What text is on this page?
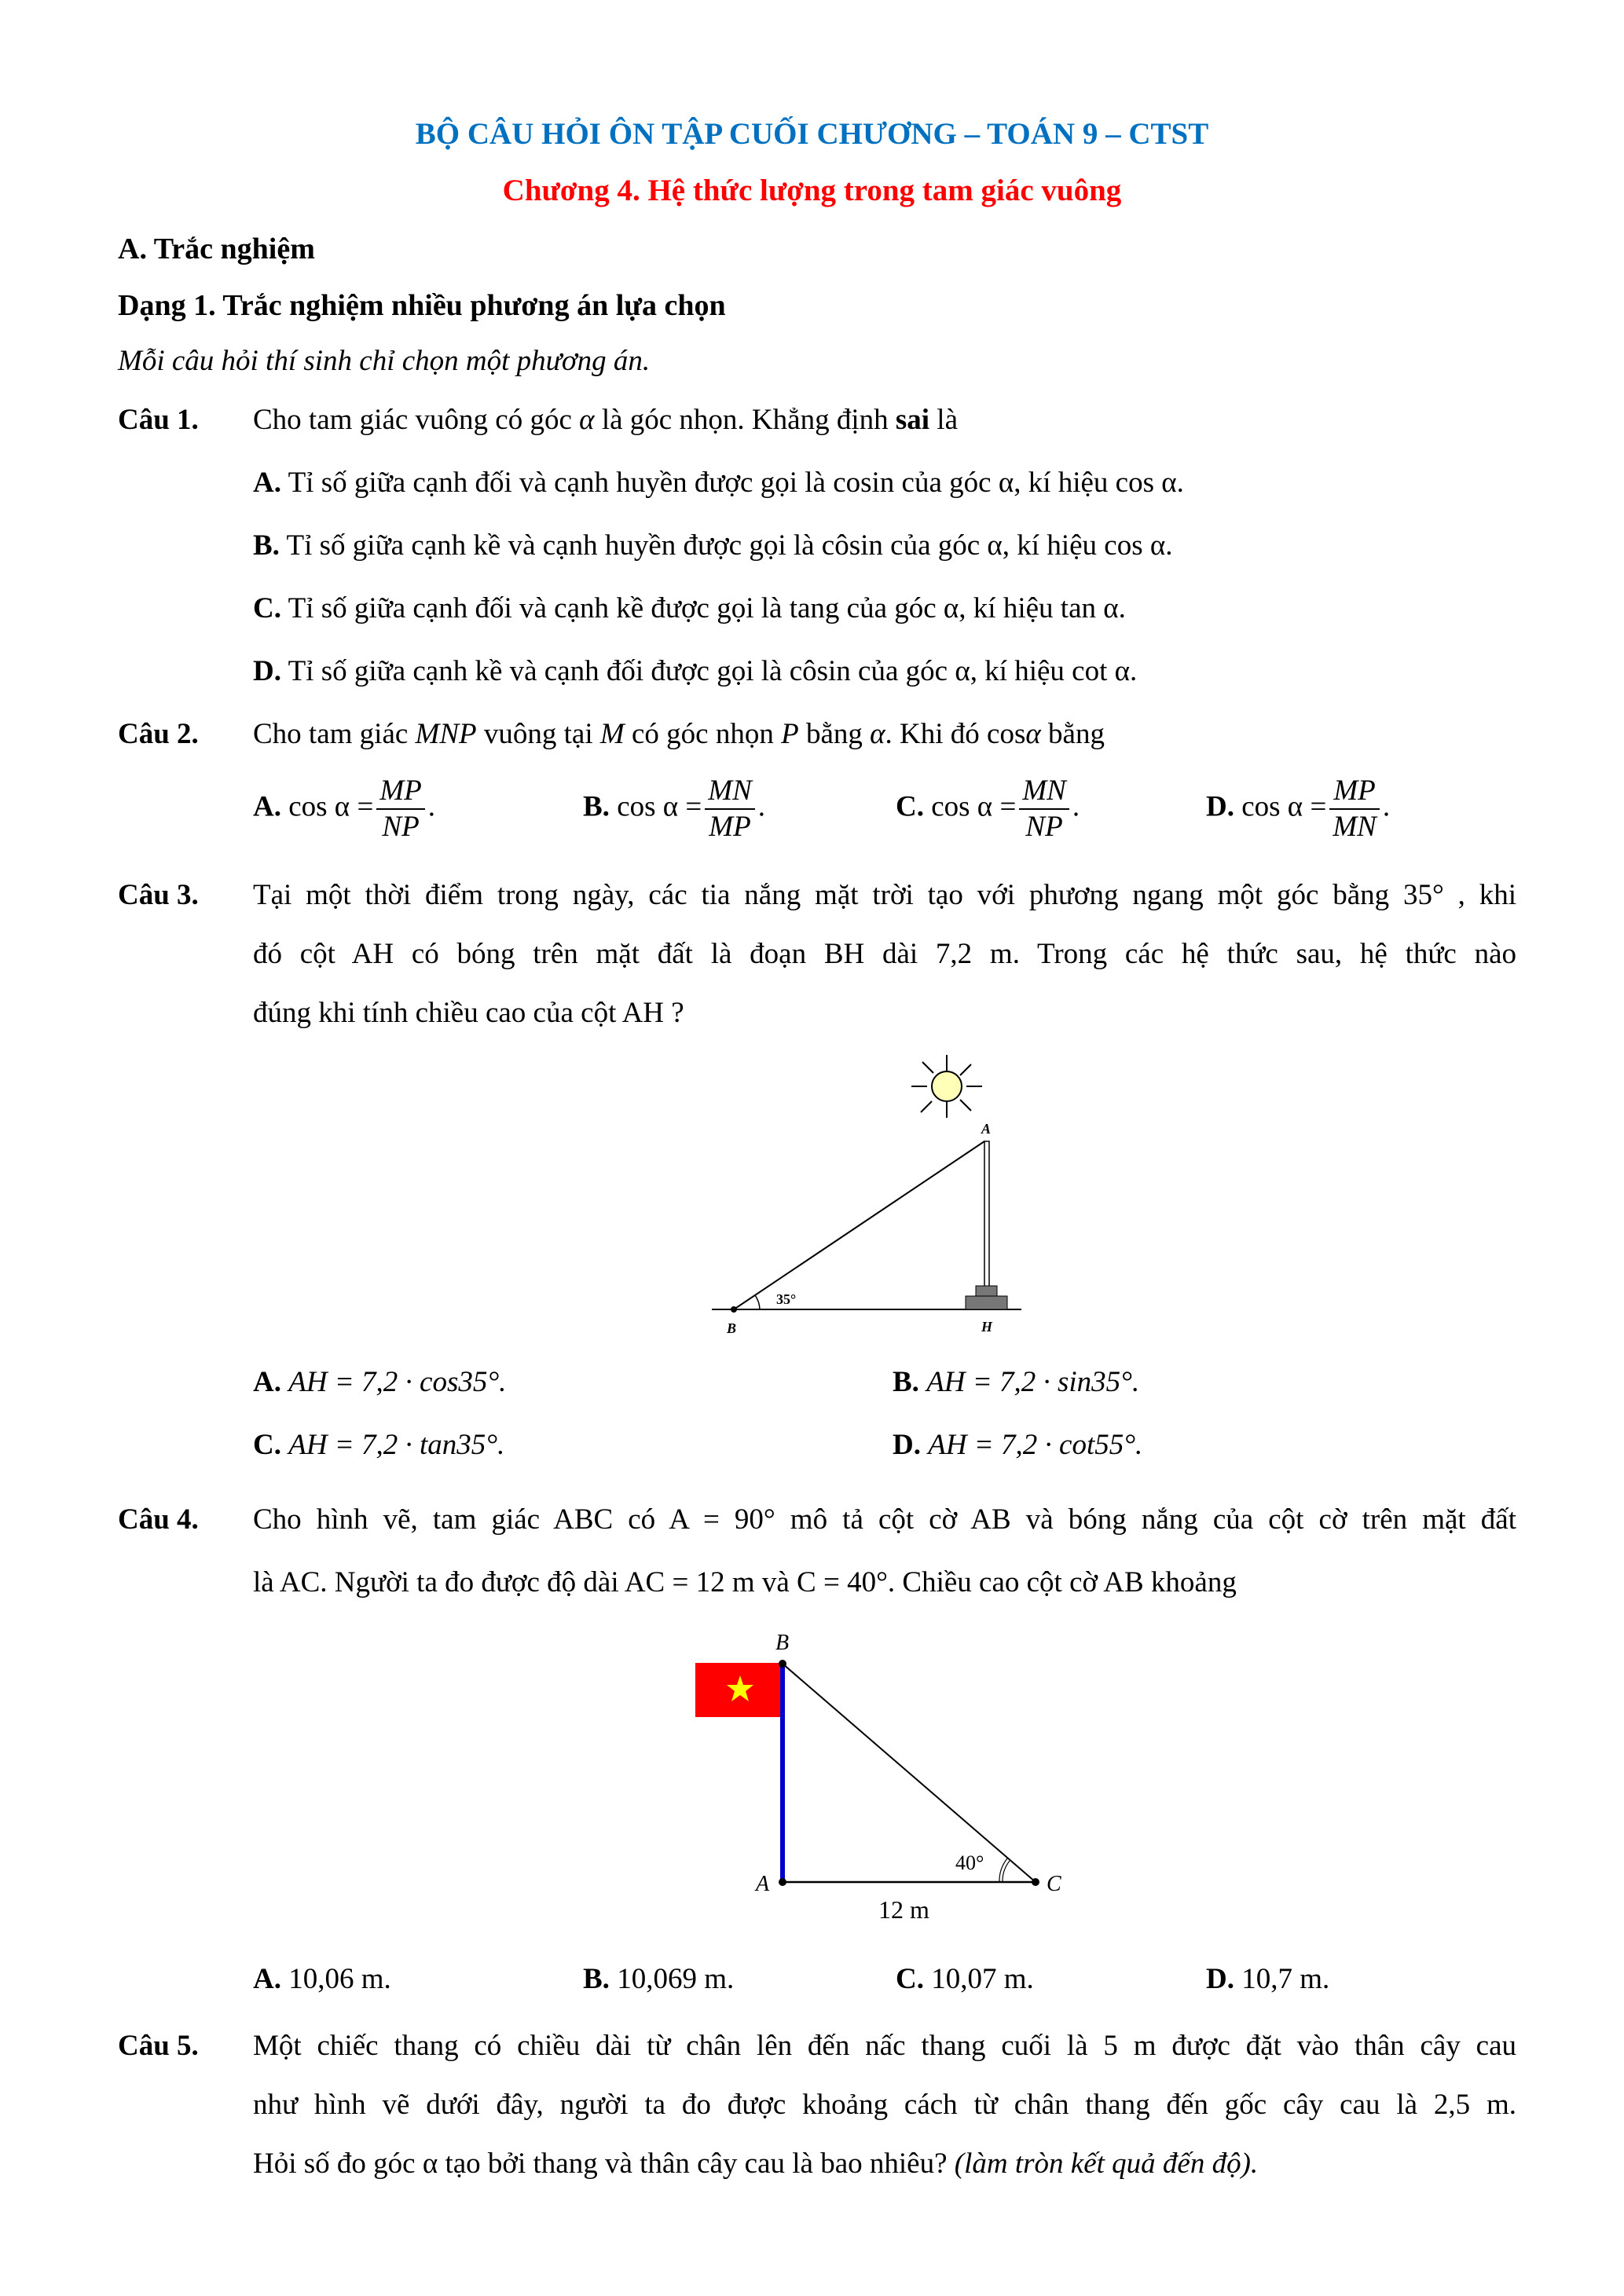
BỘ CÂU HỎI ÔN TẬP CUỐI CHƯƠNG – TOÁN 9 – CTST
Chương 4. Hệ thức lượng trong tam giác vuông
A. Trắc nghiệm
Dạng 1. Trắc nghiệm nhiều phương án lựa chọn
Mỗi câu hỏi thí sinh chỉ chọn một phương án.
Câu 1. Cho tam giác vuông có góc α là góc nhọn. Khẳng định sai là
A. Tỉ số giữa cạnh đối và cạnh huyền được gọi là cosin của góc α, kí hiệu cos α.
B. Tỉ số giữa cạnh kề và cạnh huyền được gọi là côsin của góc α, kí hiệu cos α.
C. Tỉ số giữa cạnh đối và cạnh kề được gọi là tang của góc α, kí hiệu tan α.
D. Tỉ số giữa cạnh kề và cạnh đối được gọi là côsin của góc α, kí hiệu cot α.
Câu 2. Cho tam giác MNP vuông tại M có góc nhọn P bằng α. Khi đó cosα bằng
A. $\cos \alpha = \frac{MP}{NP}$ .	B. $\cos \alpha = \frac{MN}{MP}$ .	C. $\cos \alpha = \frac{MN}{NP}$ .	D. $\cos \alpha = \frac{MP}{MN}$ .
Câu 3. Tại một thời điểm trong ngày, các tia nắng mặt trời tạo với phương ngang một góc bằng 35° , khi
đó cột AH có bóng trên mặt đất là đoạn BH dài 7,2 m. Trong các hệ thức sau, hệ thức nào
đúng khi tính chiều cao của cột AH ?
35°
A
B	H
A. AH = 7,2 · cos35°.	B. AH = 7,2 · sin35°.
C. AH = 7,2 · tan35°.	D. AH = 7,2 · cot55°.
Câu 4. Cho hình vẽ, tam giác ABC có A = 90° mô tả cột cờ AB và bóng nắng của cột cờ trên mặt đất
là AC. Người ta đo được độ dài AC = 12 m và C = 40°. Chiều cao cột cờ AB khoảng
40°
B
A	C
12 m
A. 10,06 m.	B. 10,069 m.	C. 10,07 m.	D. 10,7 m.
Câu 5. Một chiếc thang có chiều dài từ chân lên đến nấc thang cuối là 5 m được đặt vào thân cây cau
như hình vẽ dưới đây, người ta đo được khoảng cách từ chân thang đến gốc cây cau là 2,5 m.
Hỏi số đo góc α tạo bởi thang và thân cây cau là bao nhiêu? (làm tròn kết quả đến độ).
